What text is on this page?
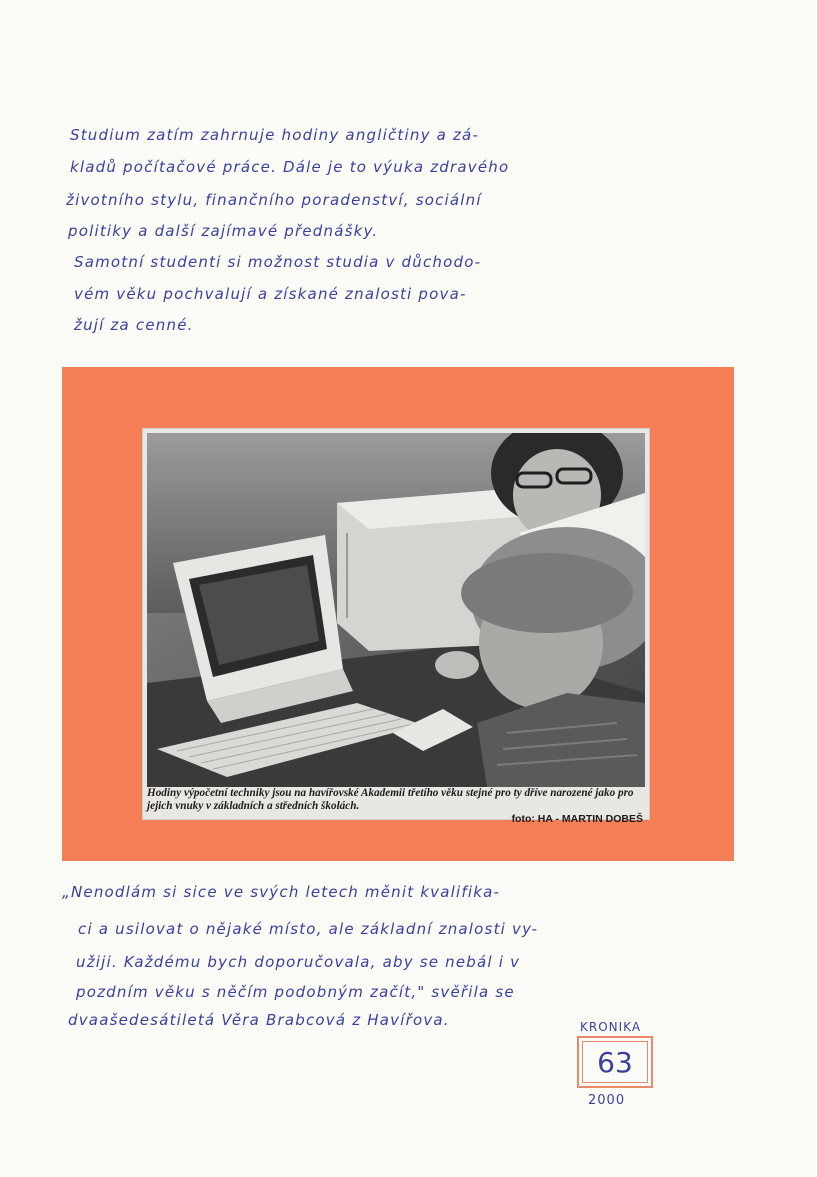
Studium zatím zahrnuje hodiny angličtiny a zá-
kladů počítačové práce. Dále je to výuka zdravého
životního stylu, finančního poradenství, sociální
politiky a další zajímavé přednášky.
Samotní studenti si možnost studia v důchodo-
vém věku pochvalují a získané znalosti pova-
žují za cenné.
Hodiny výpočetní techniky jsou na havířovské Akademii třetího věku stejné pro ty dříve narozené jako pro jejich vnuky v základních a středních školách.
foto: HA - MARTIN DOBEŠ
„Nenodlám si sice ve svých letech měnit kvalifika-
ci a usilovat o nějaké místo, ale základní znalosti vy-
užiji. Každému bych doporučovala, aby se nebál i v
pozdním věku s něčím podobným začít," svěřila se
dvaašedesátiletá Věra Brabcová z Havířova.	KRONIKA
63
2000
